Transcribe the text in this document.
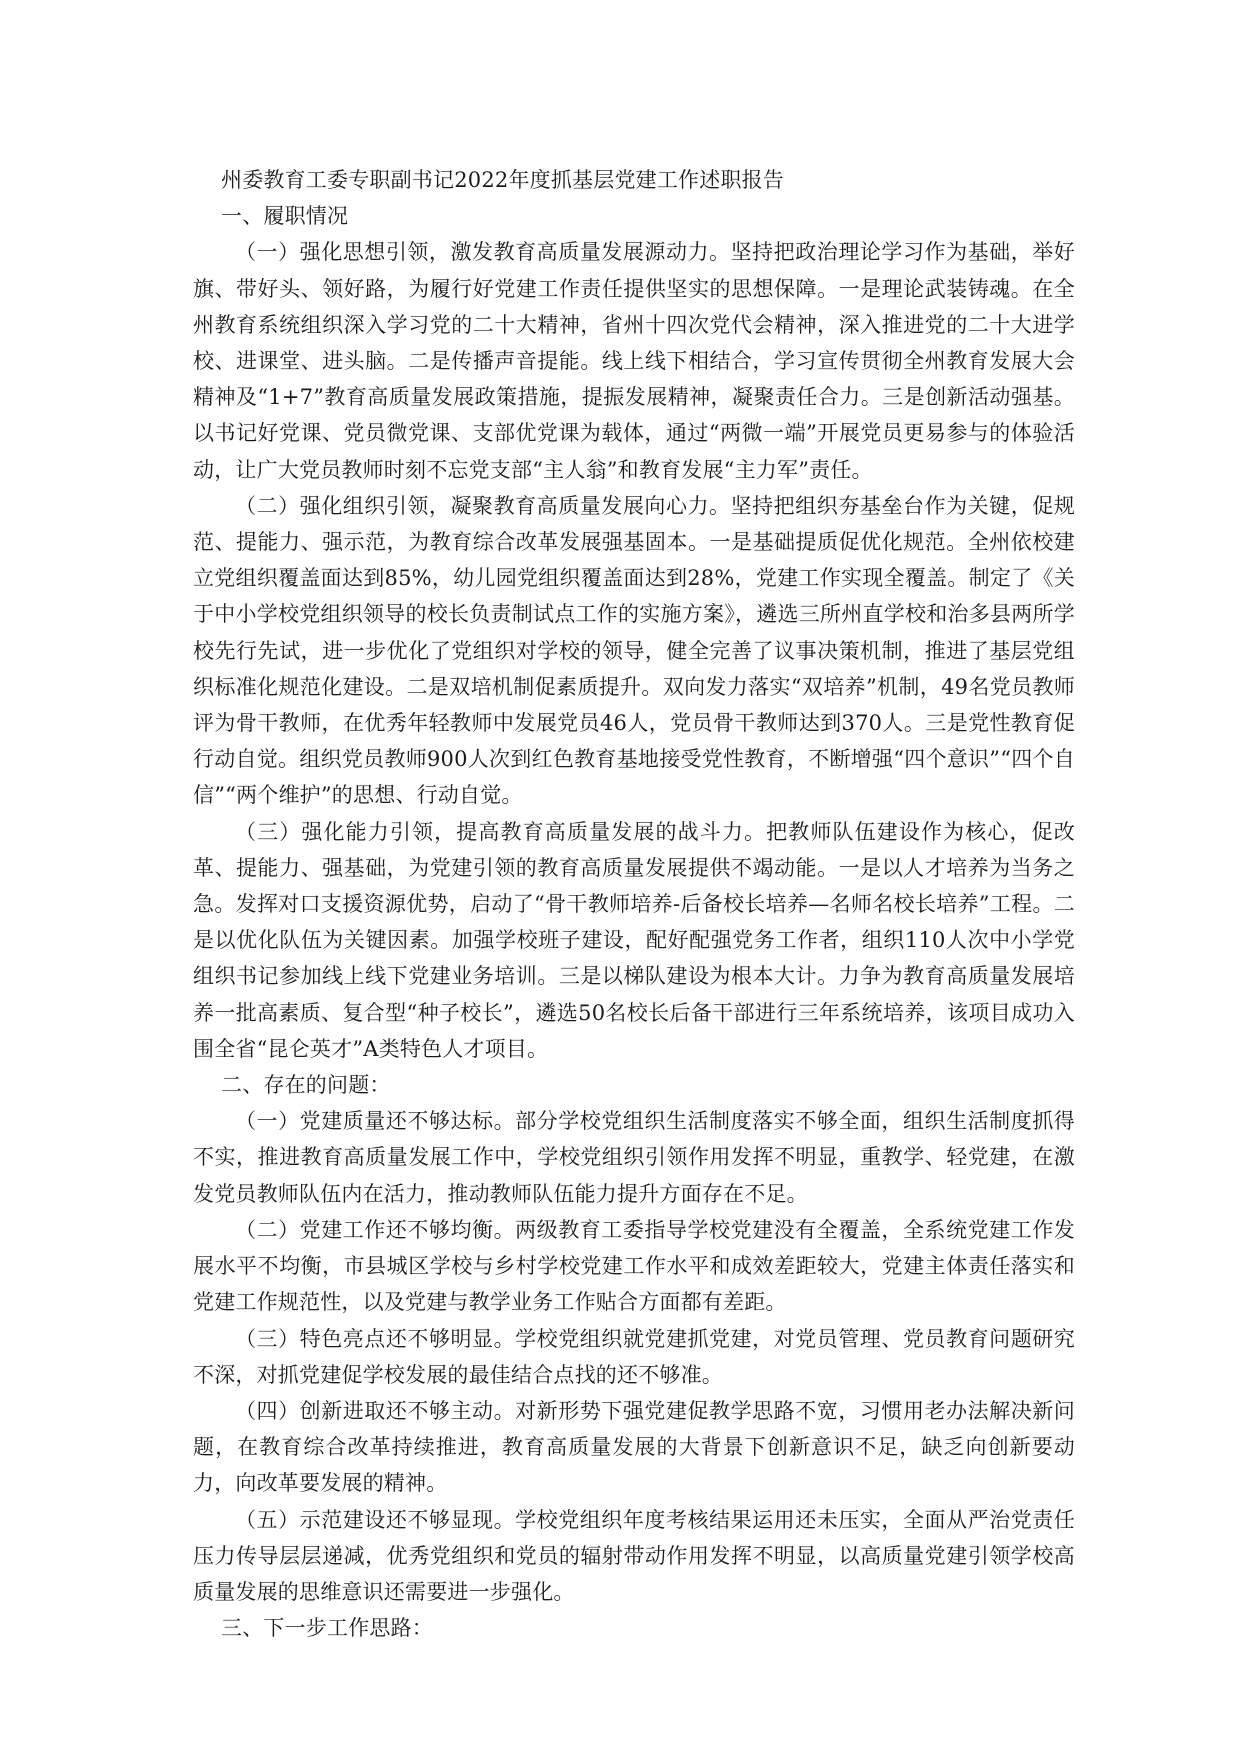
州委教育工委专职副书记2022年度抓基层党建工作述职报告

一、履职情况

（一）强化思想引领，激发教育高质量发展源动力。坚持把政治理论学习作为基础，举好旗、带好头、领好路，为履行好党建工作责任提供坚实的思想保障。一是理论武装铸魂。在全州教育系统组织深入学习党的二十大精神，省州十四次党代会精神，深入推进党的二十大进学校、进课堂、进头脑。二是传播声音提能。线上线下相结合，学习宣传贯彻全州教育发展大会精神及“1+7”教育高质量发展政策措施，提振发展精神，凝聚责任合力。三是创新活动强基。以书记好党课、党员微党课、支部优党课为载体，通过“两微一端”开展党员更易参与的体验活动，让广大党员教师时刻不忘党支部“主人翁”和教育发展“主力军”责任。

（二）强化组织引领，凝聚教育高质量发展向心力。坚持把组织夯基垒台作为关键，促规范、提能力、强示范，为教育综合改革发展强基固本。一是基础提质促优化规范。全州依校建立党组织覆盖面达到85%，幼儿园党组织覆盖面达到28%，党建工作实现全覆盖。制定了《关于中小学校党组织领导的校长负责制试点工作的实施方案》，遴选三所州直学校和治多县两所学校先行先试，进一步优化了党组织对学校的领导，健全完善了议事决策机制，推进了基层党组织标准化规范化建设。二是双培机制促素质提升。双向发力落实“双培养”机制，49名党员教师评为骨干教师，在优秀年轻教师中发展党员46人，党员骨干教师达到370人。三是党性教育促行动自觉。组织党员教师900人次到红色教育基地接受党性教育，不断增强“四个意识”“四个自信”“两个维护”的思想、行动自觉。

（三）强化能力引领，提高教育高质量发展的战斗力。把教师队伍建设作为核心，促改革、提能力、强基础，为党建引领的教育高质量发展提供不竭动能。一是以人才培养为当务之急。发挥对口支援资源优势，启动了“骨干教师培养-后备校长培养—名师名校长培养”工程。二是以优化队伍为关键因素。加强学校班子建设，配好配强党务工作者，组织110人次中小学党组织书记参加线上线下党建业务培训。三是以梯队建设为根本大计。力争为教育高质量发展培养一批高素质、复合型“种子校长”，遴选50名校长后备干部进行三年系统培养，该项目成功入围全省“昆仑英才”A类特色人才项目。

二、存在的问题：

（一）党建质量还不够达标。部分学校党组织生活制度落实不够全面，组织生活制度抓得不实，推进教育高质量发展工作中，学校党组织引领作用发挥不明显，重教学、轻党建，在激发党员教师队伍内在活力，推动教师队伍能力提升方面存在不足。

（二）党建工作还不够均衡。两级教育工委指导学校党建没有全覆盖，全系统党建工作发展水平不均衡，市县城区学校与乡村学校党建工作水平和成效差距较大，党建主体责任落实和党建工作规范性，以及党建与教学业务工作贴合方面都有差距。

（三）特色亮点还不够明显。学校党组织就党建抓党建，对党员管理、党员教育问题研究不深，对抓党建促学校发展的最佳结合点找的还不够准。

（四）创新进取还不够主动。对新形势下强党建促教学思路不宽，习惯用老办法解决新问题，在教育综合改革持续推进，教育高质量发展的大背景下创新意识不足，缺乏向创新要动力，向改革要发展的精神。

（五）示范建设还不够显现。学校党组织年度考核结果运用还未压实，全面从严治党责任压力传导层层递减，优秀党组织和党员的辐射带动作用发挥不明显，以高质量党建引领学校高质量发展的思维意识还需要进一步强化。

三、下一步工作思路：
